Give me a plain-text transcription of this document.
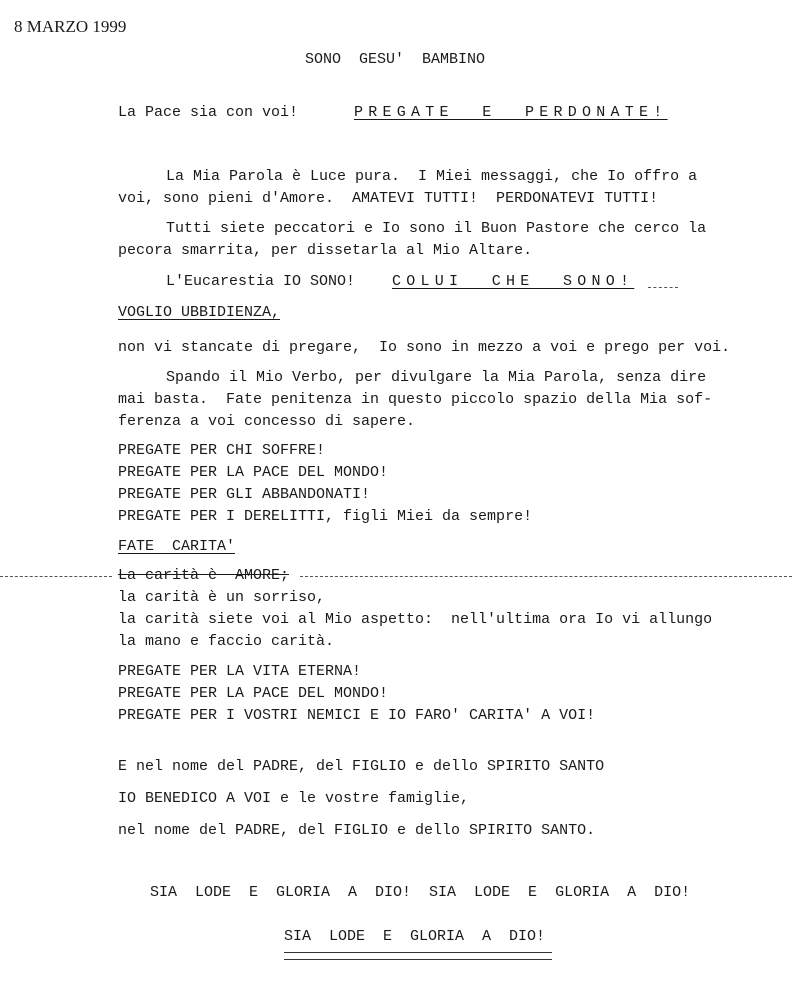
8 MARZO 1999
SONO  GESU'  BAMBINO
La Pace sia con voi!	PREGATE  E  PERDONATE!
La Mia Parola è Luce pura.  I Miei messaggi, che Io offro a
voi, sono pieni d'Amore.  AMATEVI TUTTI!  PERDONATEVI TUTTI!
Tutti siete peccatori e Io sono il Buon Pastore che cerco la
pecora smarrita, per dissetarla al Mio Altare.
L'Eucarestia IO SONO! COLUI  CHE  SONO!
VOGLIO UBBIDIENZA,
non vi stancate di pregare,  Io sono in mezzo a voi e prego per voi.
Spando il Mio Verbo, per divulgare la Mia Parola, senza dire
mai basta.  Fate penitenza in questo piccolo spazio della Mia sof-
ferenza a voi concesso di sapere.
PREGATE PER CHI SOFFRE!
PREGATE PER LA PACE DEL MONDO!
PREGATE PER GLI ABBANDONATI!
PREGATE PER I DERELITTI, figli Miei da sempre!
FATE  CARITA'
La carità è  AMORE;
la carità è un sorriso,
la carità siete voi al Mio aspetto:  nell'ultima ora Io vi allungo
la mano e faccio carità.
PREGATE PER LA VITA ETERNA!
PREGATE PER LA PACE DEL MONDO!
PREGATE PER I VOSTRI NEMICI E IO FARO' CARITA' A VOI!
E nel nome del PADRE, del FIGLIO e dello SPIRITO SANTO
IO BENEDICO A VOI e le vostre famiglie,
nel nome del PADRE, del FIGLIO e dello SPIRITO SANTO.
SIA  LODE  E  GLORIA  A  DIO!  SIA  LODE  E  GLORIA  A  DIO!
SIA  LODE  E  GLORIA  A  DIO!
